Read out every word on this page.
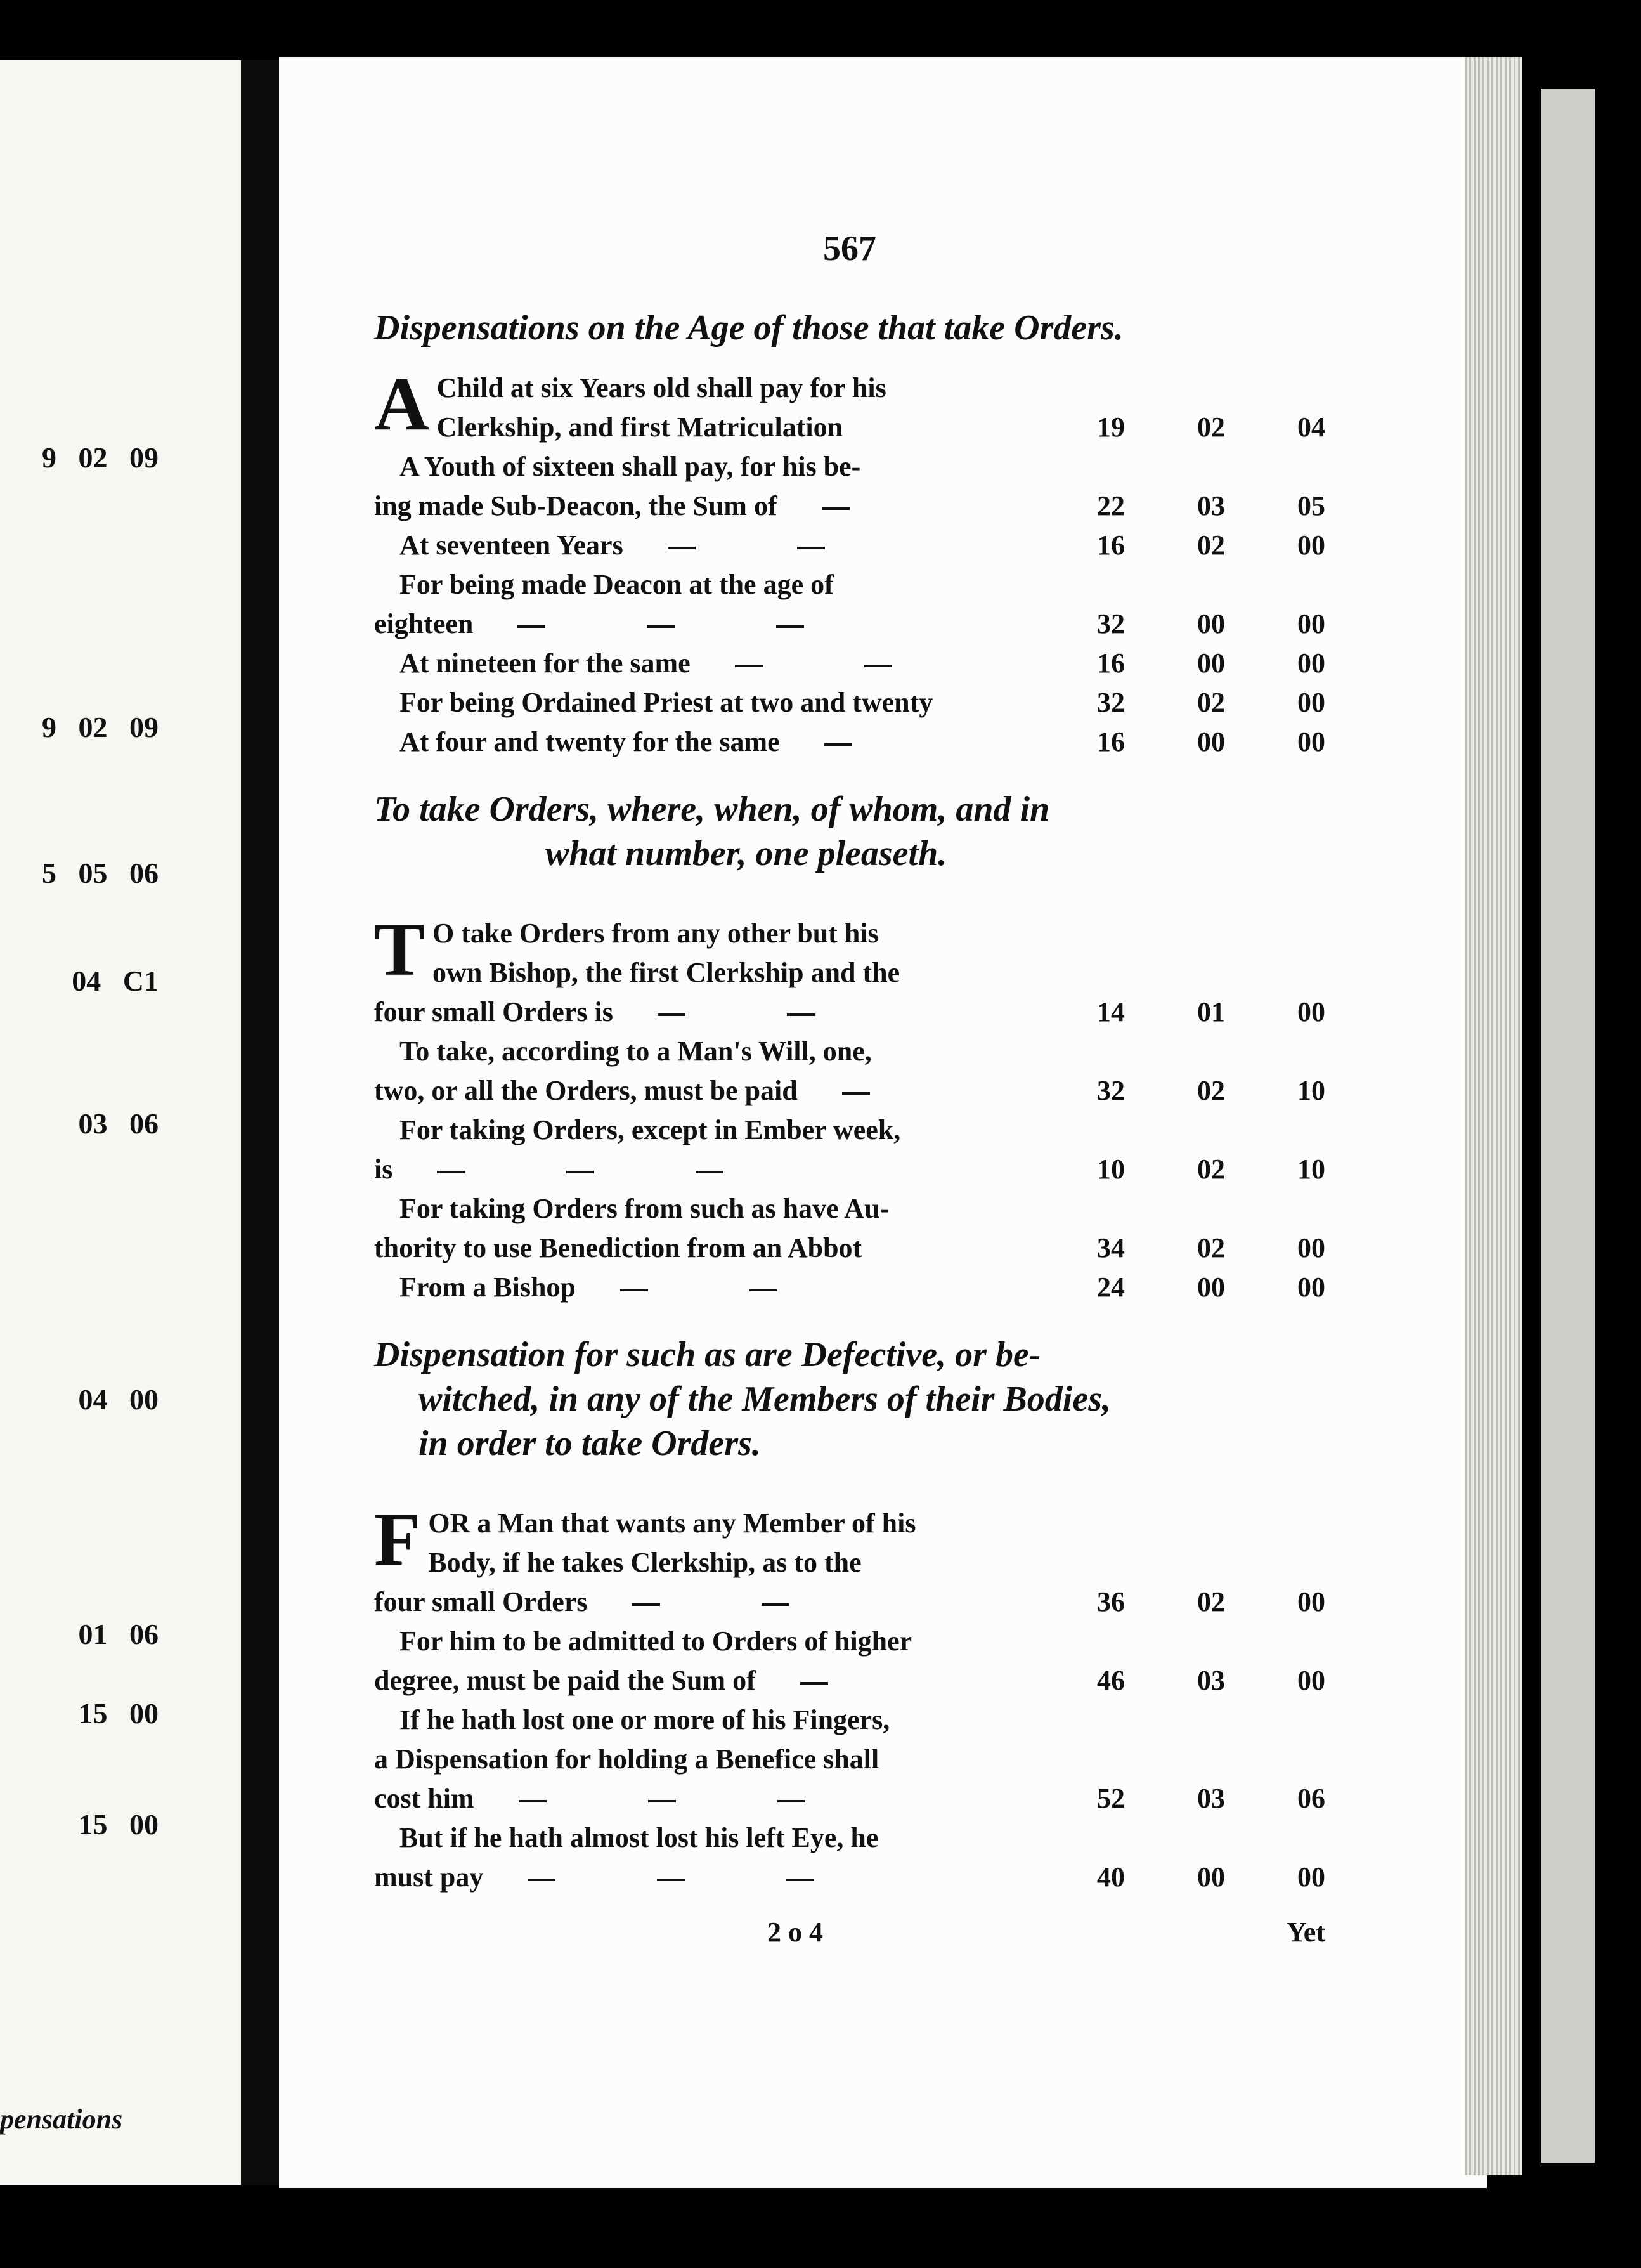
9 02 09
9 02 09
5 05 06
04 C1
03 06
04 00
01 06
15 00
15 00
pensations
567
Dispensations on the Age of those that take Orders.
A Child at six Years old shall pay for his
Clerkship, and first Matriculation	19	02	04
A Youth of sixteen shall pay, for his be-
ing made Sub-Deacon, the Sum of	22	03	05
At seventeen Years	16	02	00
For being made Deacon at the age of
eighteen	32	00	00
At nineteen for the same	16	00	00
For being Ordained Priest at two and twenty	32	02	00
At four and twenty for the same	16	00	00
To take Orders, where, when, of whom, and in
what number, one pleaseth.
T O take Orders from any other but his
own Bishop, the first Clerkship and the
four small Orders is	14	01	00
To take, according to a Man's Will, one,
two, or all the Orders, must be paid	32	02	10
For taking Orders, except in Ember week,
is	10	02	10
For taking Orders from such as have Au-
thority to use Benediction from an Abbot	34	02	00
From a Bishop	24	00	00
Dispensation for such as are Defective, or be-
witched, in any of the Members of their Bodies,
in order to take Orders.
F OR a Man that wants any Member of his
Body, if he takes Clerkship, as to the
four small Orders	36	02	00
For him to be admitted to Orders of higher
degree, must be paid the Sum of	46	03	00
If he hath lost one or more of his Fingers,
a Dispensation for holding a Benefice shall
cost him	52	03	06
But if he hath almost lost his left Eye, he
must pay	40	00	00
2 o 4	Yet
